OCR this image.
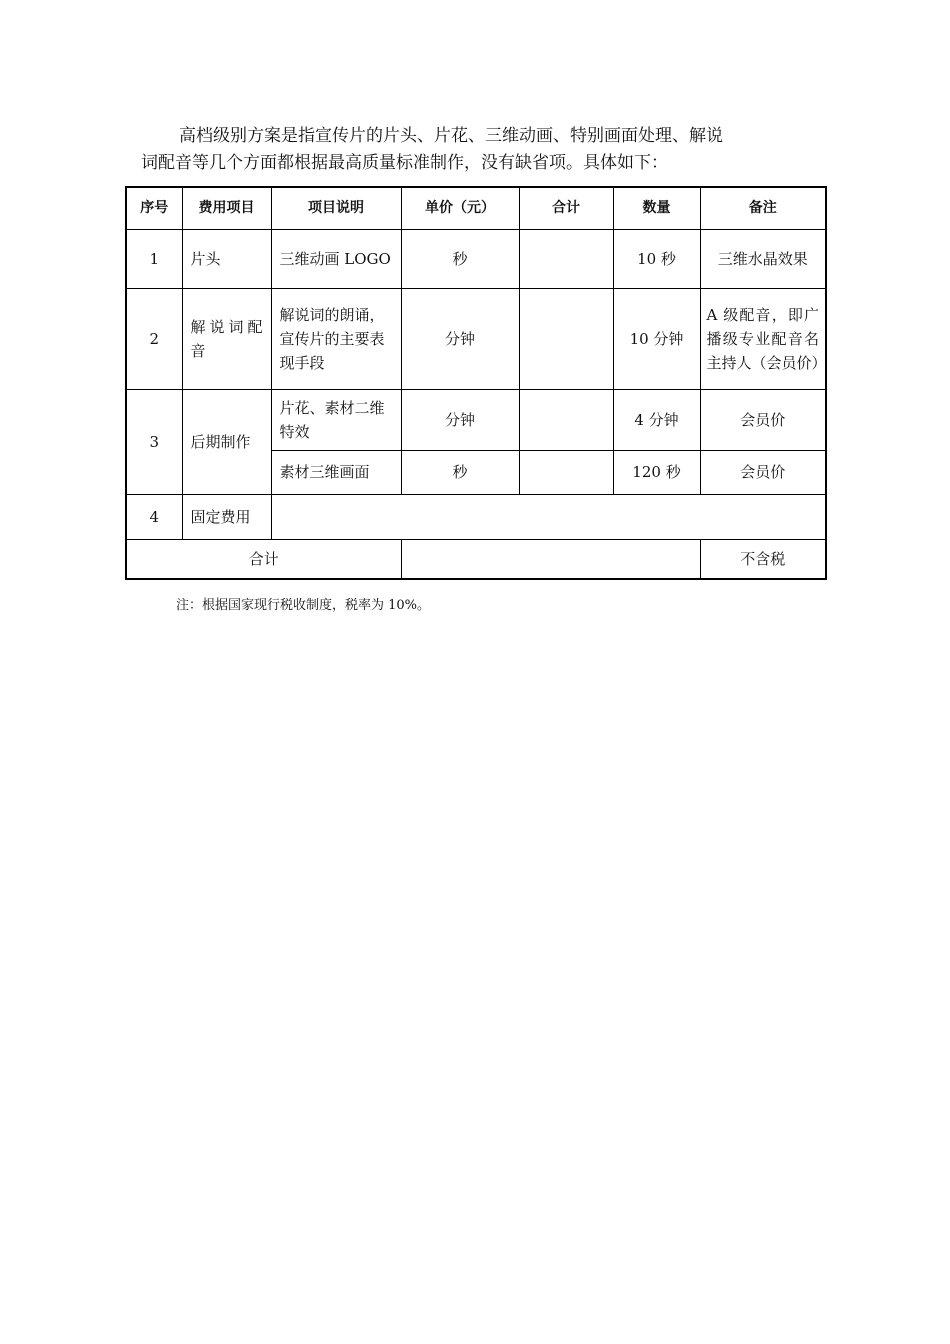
高档级别方案是指宣传片的片头、片花、三维动画、特别画面处理、解说
词配音等几个方面都根据最高质量标准制作，没有缺省项。具体如下：

序号	费用项目	项目说明	单价（元）	合计	数量	备注
1	片头	三维动画 LOGO	秒		10 秒	三维水晶效果
2	解说词配音	解说词的朗诵，宣传片的主要表现手段	分钟		10 分钟	A 级配音，即广播级专业配音名主持人（会员价）
3	后期制作	片花、素材二维特效	分钟		4 分钟	会员价
		素材三维画面	秒		120 秒	会员价
4	固定费用					
合计						不含税

注：根据国家现行税收制度，税率为 10%。
